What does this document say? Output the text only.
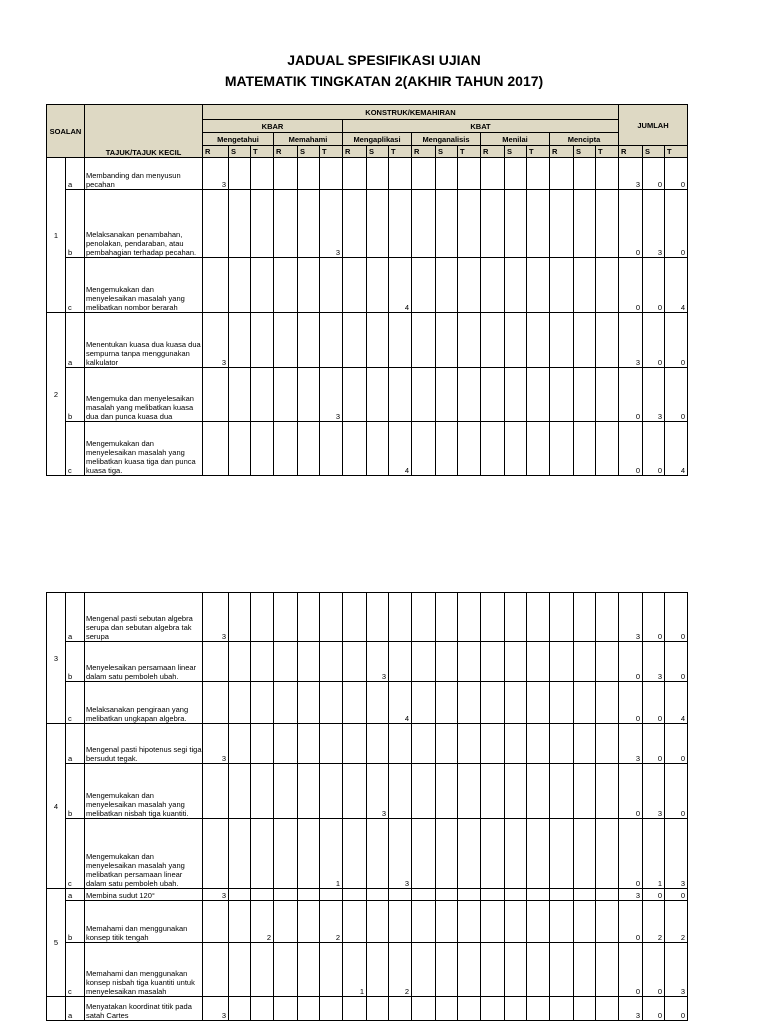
JADUAL SPESIFIKASI UJIAN
MATEMATIK TINGKATAN 2(AKHIR TAHUN 2017)
SOALAN		TAJUK/TAJUK KECIL	KONSTRUK/KEMAHIRAN																		JUMLAH		
			KBAR						KBAT														
			Mengetahui			Memahami			Mengaplikasi			Menganalisis			Menilai			Mencipta					
			R	S	T	R	S	T	R	S	T	R	S	T	R	S	T	R	S	T	R	S	T
1	a	Membanding dan menyusun  pecahan	3																		3	0	0
	b	Melaksanakan penambahan, penolakan, pendaraban, atau pembahagian terhadap pecahan.						3													0	3	0
	c	Mengemukakan dan menyelesaikan masalah yang melibatkan nombor berarah									4										0	0	4
2	a	Menentukan kuasa dua kuasa dua sempurna tanpa menggunakan kalkulator	3																		3	0	0
	b	Mengemuka dan menyelesaikan masalah yang melibatkan kuasa dua dan punca kuasa dua						3													0	3	0
	c	Mengemukakan dan menyelesaikan masalah yang melibatkan kuasa tiga dan punca kuasa tiga.									4										0	0	4
3	a	Mengenal pasti sebutan algebra serupa dan sebutan algebra tak serupa	3																		3	0	0
	b	Menyelesaikan persamaan linear dalam satu pemboleh ubah.								3											0	3	0
	c	Melaksanakan pengiraan yang melibatkan ungkapan algebra.									4										0	0	4
4	a	Mengenal pasti hipotenus segi tiga bersudut tegak.	3																		3	0	0
	b	Mengemukakan dan menyelesaikan masalah yang melibatkan nisbah tiga kuantiti.								3											0	3	0
	c	Mengemukakan dan menyelesaikan masalah yang melibatkan persamaan linear dalam satu pemboleh ubah.						1			3										0	1	3
5	a	Membina sudut 120°	3																		3	0	0
	b	Memahami dan menggunakan konsep titik tengah			2			2													0	2	2
	c	Memahami dan menggunakan konsep nisbah tiga kuantiti untuk menyelesaikan masalah							1		2										0	0	3
	a	Menyatakan koordinat titik pada satah Cartes	3																		3	0	0
